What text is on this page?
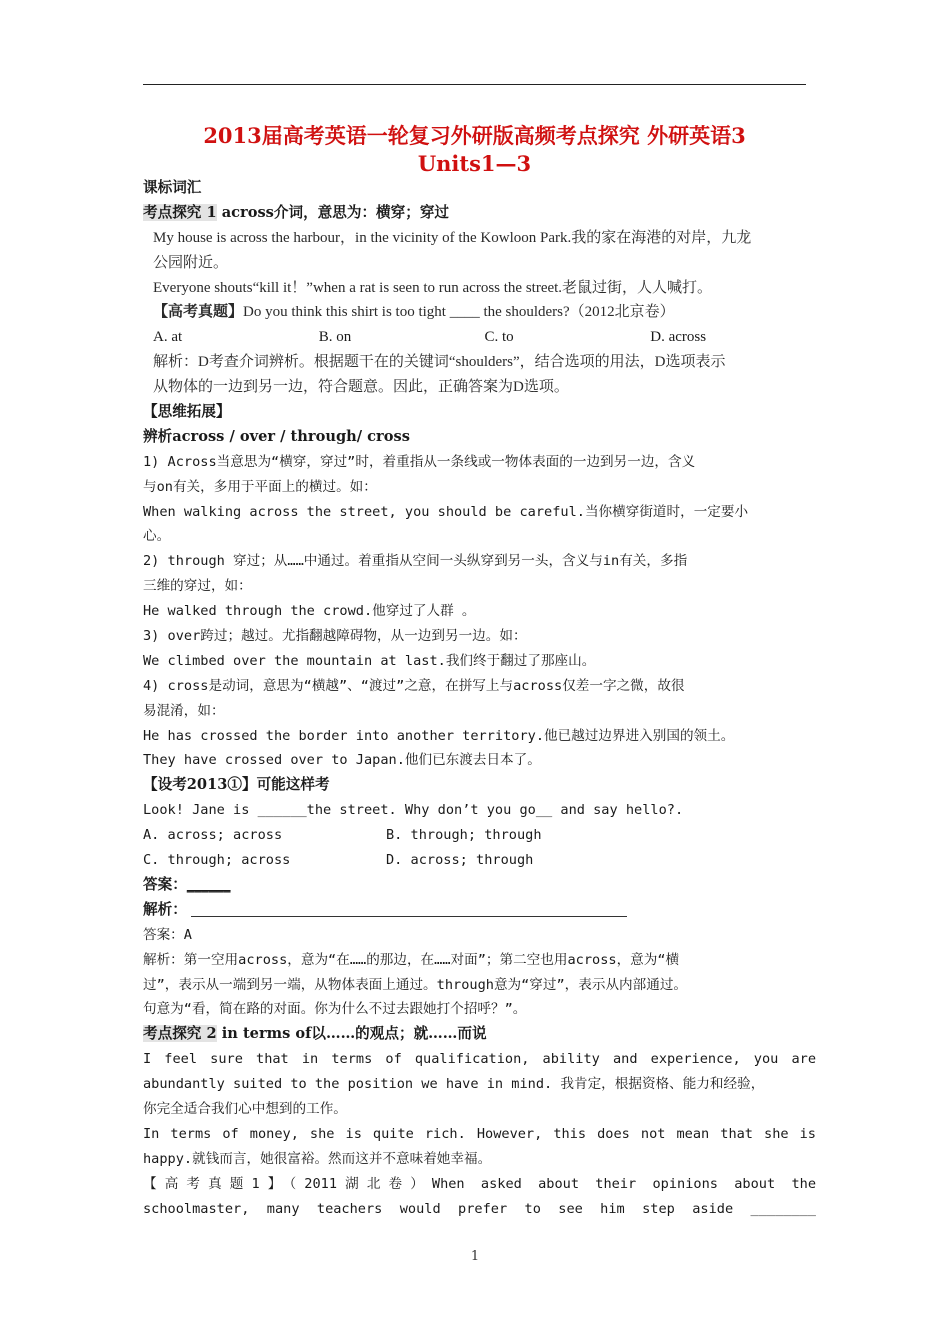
2013届高考英语一轮复习外研版高频考点探究 外研英语3
Units1—3
课标词汇
考点探究 1 across介词，意思为：横穿；穿过
My house is across the harbour，in the vicinity of the Kowloon Park.我的家在海港的对岸，九龙
公园附近。
Everyone shouts“kill it！”when a rat is seen to run across the street.老鼠过街，人人喊打。
【高考真题】Do you think this shirt is too tight ____ the shoulders?（2012北京卷）
A. at	B. on	C. to	D. across
解析：D考查介词辨析。根据题干在的关键词“shoulders”，结合选项的用法，D选项表示
从物体的一边到另一边，符合题意。因此，正确答案为D选项。
【思维拓展】
辨析across / over / through/ cross
1) Across当意思为“横穿，穿过”时，着重指从一条线或一物体表面的一边到另一边，含义
与on有关，多用于平面上的横过。如：
When walking across the street, you should be careful.当你横穿街道时，一定要小
心。
2) through 穿过；从……中通过。着重指从空间一头纵穿到另一头，含义与in有关，多指
三维的穿过，如：
He walked through the crowd.他穿过了人群 。
3) over跨过；越过。尤指翻越障碍物，从一边到另一边。如：
We climbed over the mountain at last.我们终于翻过了那座山。
4) cross是动词，意思为“横越”、“渡过”之意，在拼写上与across仅差一字之微，故很
易混淆，如：
He has crossed the border into another territory.他已越过边界进入别国的领土。
They have crossed over to Japan.他们已东渡去日本了。
【设考2013①】可能这样考
Look! Jane is ______the street. Why don’t you go__ and say hello?.
A. across; across	B. through; through
C. through; across	D. across; through
答案：______
解析：
答案：A
解析：第一空用across，意为“在……的那边，在……对面”；第二空也用across，意为“横
过”，表示从一端到另一端，从物体表面上通过。through意为“穿过”，表示从内部通过。
句意为“看，简在路的对面。你为什么不过去跟她打个招呼？”。
考点探究 2 in terms of以……的观点；就……而说
I feel sure that in terms of qualification, ability and experience, you are
abundantly suited to the position we have in mind. 我肯定，根据资格、能力和经验，
你完全适合我们心中想到的工作。
In terms of money, she is quite rich. However, this does not mean that she is
happy.就钱而言，她很富裕。然而这并不意味着她幸福。
【高考真题1】（2011湖北卷）When asked about their opinions about the
schoolmaster, many teachers would prefer to see him step aside ________
1
